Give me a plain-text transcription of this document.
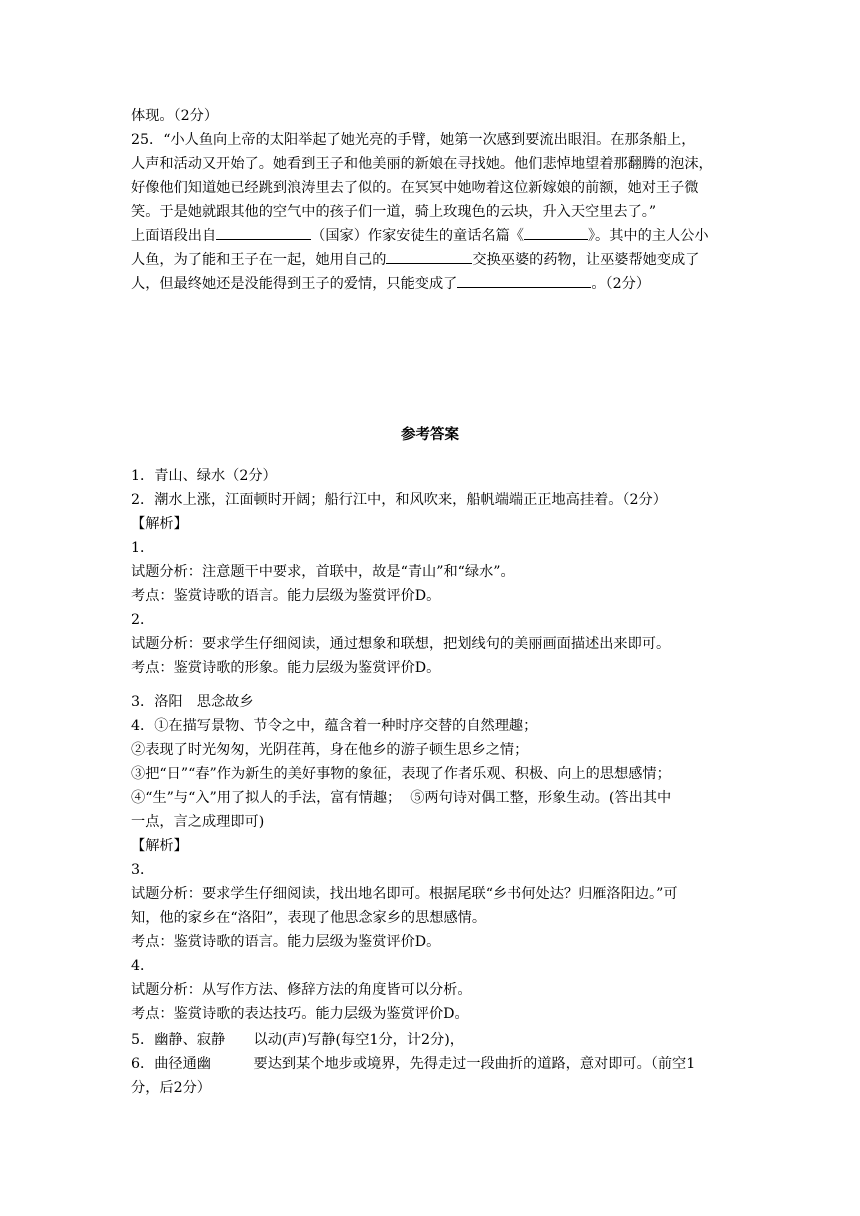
体现。（2分）
25．“小人鱼向上帝的太阳举起了她光亮的手臂，她第一次感到要流出眼泪。在那条船上，
人声和活动又开始了。她看到王子和他美丽的新娘在寻找她。他们悲悼地望着那翻腾的泡沫，
好像他们知道她已经跳到浪涛里去了似的。在冥冥中她吻着这位新嫁娘的前额，她对王子微
笑。于是她就跟其他的空气中的孩子们一道，骑上玫瑰色的云块，升入天空里去了。”
上面语段出自	（国家）作家安徒生的童话名篇《	》。其中的主人公小
人鱼，为了能和王子在一起，她用自己的	交换巫婆的药物，让巫婆帮她变成了
人，但最终她还是没能得到王子的爱情，只能变成了	。（2分）
参考答案
1．青山、绿水（2分）
2．潮水上涨，江面顿时开阔；船行江中，和风吹来，船帆端端正正地高挂着。（2分）
【解析】
1．
试题分析：注意题干中要求，首联中，故是“青山”和“绿水”。
考点：鉴赏诗歌的语言。能力层级为鉴赏评价D。
2．
试题分析：要求学生仔细阅读，通过想象和联想，把划线句的美丽画面描述出来即可。
考点：鉴赏诗歌的形象。能力层级为鉴赏评价D。
3．洛阳　思念故乡
4．①在描写景物、节令之中，蕴含着一种时序交替的自然理趣；
②表现了时光匆匆，光阴荏苒，身在他乡的游子顿生思乡之情；
③把“日”“春”作为新生的美好事物的象征，表现了作者乐观、积极、向上的思想感情；
④“生”与“入”用了拟人的手法，富有情趣；  ⑤两句诗对偶工整，形象生动。(答出其中
一点，言之成理即可)
【解析】
3．
试题分析：要求学生仔细阅读，找出地名即可。根据尾联“乡书何处达？归雁洛阳边。”可
知，他的家乡在“洛阳”，表现了他思念家乡的思想感情。
考点：鉴赏诗歌的语言。能力层级为鉴赏评价D。
4．
试题分析：从写作方法、修辞方法的角度皆可以分析。
考点：鉴赏诗歌的表达技巧。能力层级为鉴赏评价D。
5．幽静、寂静　　以动(声)写静(每空1分，计2分)，
6．曲径通幽　　　要达到某个地步或境界，先得走过一段曲折的道路，意对即可。（前空1
分，后2分）
